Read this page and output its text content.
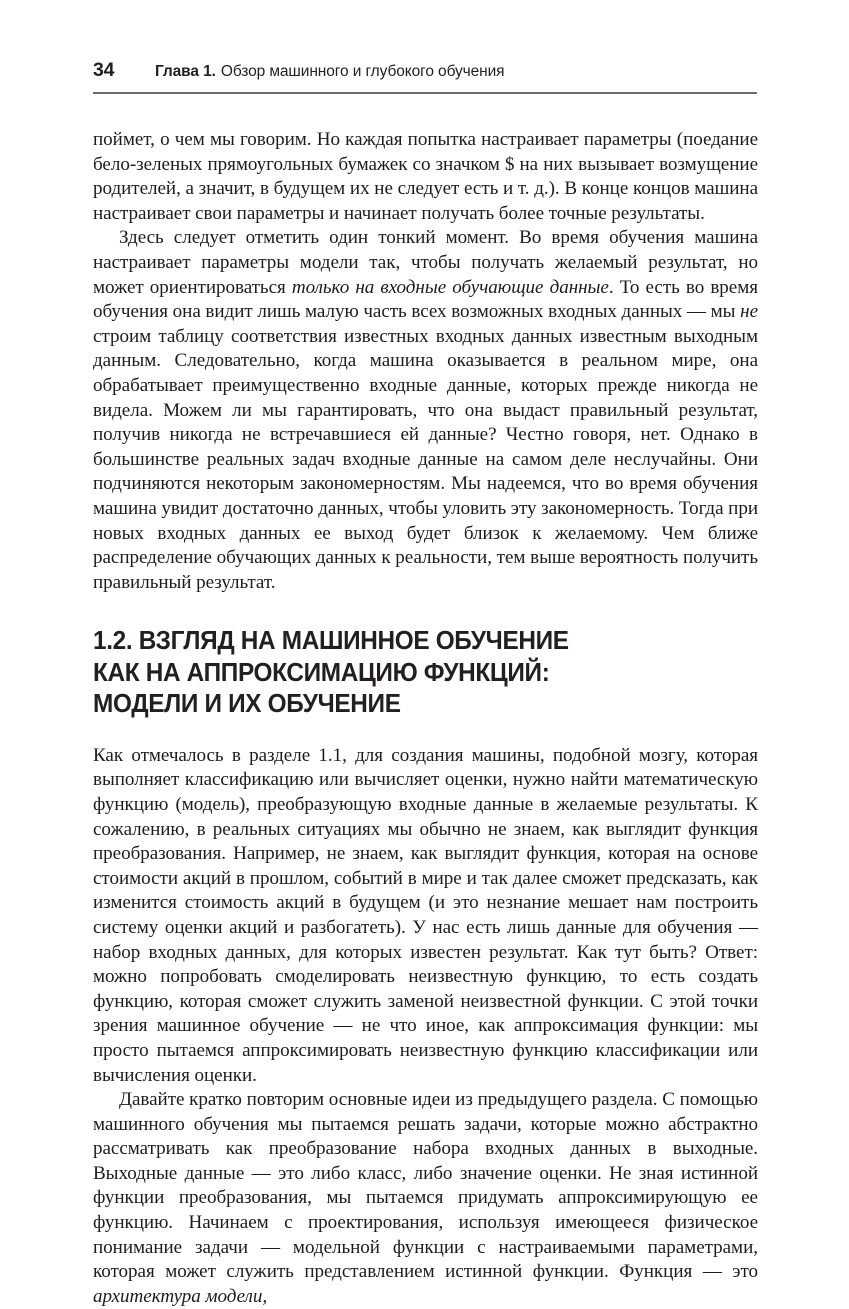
34	Глава 1. Обзор машинного и глубокого обучения

поймет, о чем мы говорим. Но каждая попытка настраивает параметры (поедание бело-зеленых прямоугольных бумажек со значком $ на них вызывает возмущение родителей, а значит, в будущем их не следует есть и т. д.). В конце концов машина настраивает свои параметры и начинает получать более точные результаты.

Здесь следует отметить один тонкий момент. Во время обучения машина настраивает параметры модели так, чтобы получать желаемый результат, но может ориентироваться только на входные обучающие данные. То есть во время обучения она видит лишь малую часть всех возможных входных данных — мы не строим таблицу соответствия известных входных данных известным выходным данным. Следовательно, когда машина оказывается в реальном мире, она обрабатывает преимущественно входные данные, которых прежде никогда не видела. Можем ли мы гарантировать, что она выдаст правильный результат, получив никогда не встречавшиеся ей данные? Честно говоря, нет. Однако в большинстве реальных задач входные данные на самом деле неслучайны. Они подчиняются некоторым закономерностям. Мы надеемся, что во время обучения машина увидит достаточно данных, чтобы уловить эту закономерность. Тогда при новых входных данных ее выход будет близок к желаемому. Чем ближе распределение обучающих данных к реальности, тем выше вероятность получить правильный результат.

1.2. ВЗГЛЯД НА МАШИННОЕ ОБУЧЕНИЕ
КАК НА АППРОКСИМАЦИЮ ФУНКЦИЙ:
МОДЕЛИ И ИХ ОБУЧЕНИЕ

Как отмечалось в разделе 1.1, для создания машины, подобной мозгу, которая выполняет классификацию или вычисляет оценки, нужно найти математическую функцию (модель), преобразующую входные данные в желаемые результаты. К сожалению, в реальных ситуациях мы обычно не знаем, как выглядит функция преобразования. Например, не знаем, как выглядит функция, которая на основе стоимости акций в прошлом, событий в мире и так далее сможет предсказать, как изменится стоимость акций в будущем (и это незнание мешает нам построить систему оценки акций и разбогатеть). У нас есть лишь данные для обучения — набор входных данных, для которых известен результат. Как тут быть? Ответ: можно попробовать смоделировать неизвестную функцию, то есть создать функцию, которая сможет служить заменой неизвестной функции. С этой точки зрения машинное обучение — не что иное, как аппроксимация функции: мы просто пытаемся аппроксимировать неизвестную функцию классификации или вычисления оценки.

Давайте кратко повторим основные идеи из предыдущего раздела. С помощью машинного обучения мы пытаемся решать задачи, которые можно абстрактно рассматривать как преобразование набора входных данных в выходные. Выходные данные — это либо класс, либо значение оценки. Не зная истинной функции преобразования, мы пытаемся придумать аппроксимирующую ее функцию. Начинаем с проектирования, используя имеющееся физическое понимание задачи — модельной функции с настраиваемыми параметрами, которая может служить представлением истинной функции. Функция — это архитектура модели,
